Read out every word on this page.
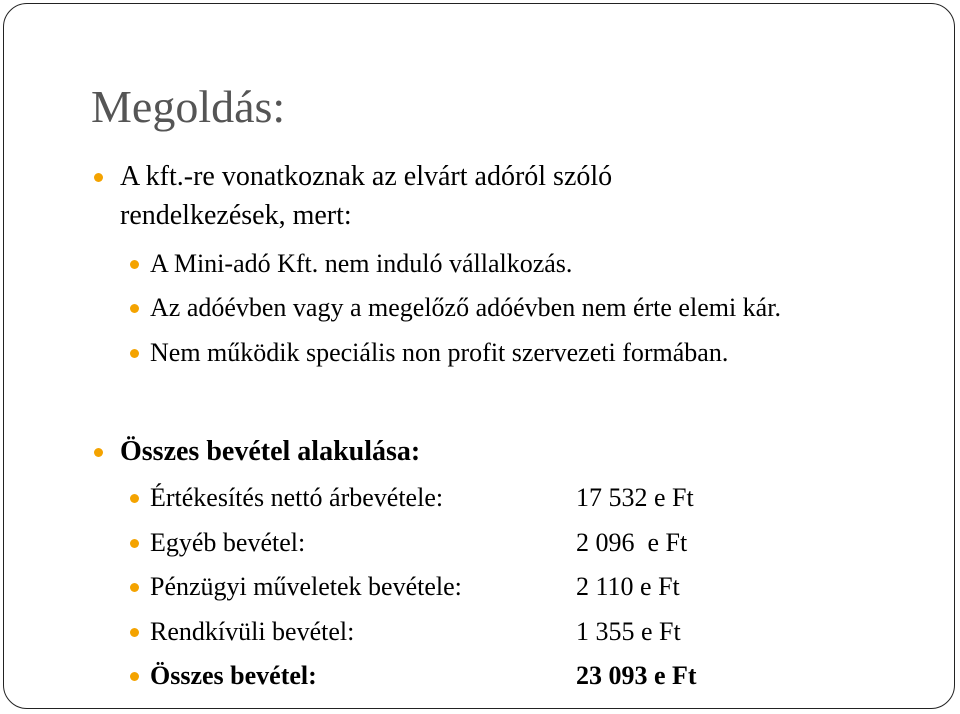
Megoldás:
A kft.-re vonatkoznak az elvárt adóról szóló
rendelkezések, mert:
A Mini-adó Kft. nem induló vállalkozás.
Az adóévben vagy a megelőző adóévben nem érte elemi kár.
Nem működik speciális non profit szervezeti formában.
Összes bevétel alakulása:
Értékesítés nettó árbevétele:	17 532 e Ft
Egyéb bevétel:	2 096  e Ft
Pénzügyi műveletek bevétele:	2 110 e Ft
Rendkívüli bevétel:	1 355 e Ft
Összes bevétel:	23 093 e Ft
